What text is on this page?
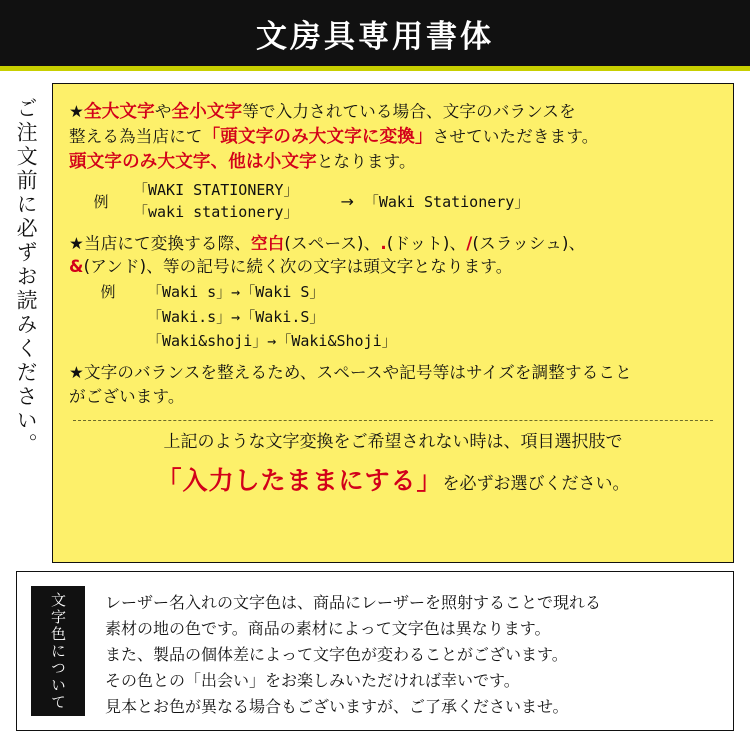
文房具専用書体
ご注文前に必ずお読みください。 ★全大文字や全小文字等で入力されている場合、文字のバランスを
整える為当店にて「頭文字のみ大文字に変換」させていただきます。
頭文字のみ大文字、他は小文字となります。
例
「WAKI STATIONERY」
「waki stationery」
→ 「Waki Stationery」
★当店にて変換する際、空白(スペース)、.(ドット)、/(スラッシュ)、
&(アンド)、等の記号に続く次の文字は頭文字となります。
例	「Waki s」→「Waki S」
「Waki.s」→「Waki.S」
「Waki&shoji」→「Waki&Shoji」
★文字のバランスを整えるため、スペースや記号等はサイズを調整すること
がございます。
上記のような文字変換をご希望されない時は、項目選択肢で
「入力したままにする」を必ずお選びください。
文字色について レーザー名入れの文字色は、商品にレーザーを照射することで現れる
素材の地の色です。商品の素材によって文字色は異なります。
また、製品の個体差によって文字色が変わることがございます。
その色との「出会い」をお楽しみいただければ幸いです。
見本とお色が異なる場合もございますが、ご了承くださいませ。
